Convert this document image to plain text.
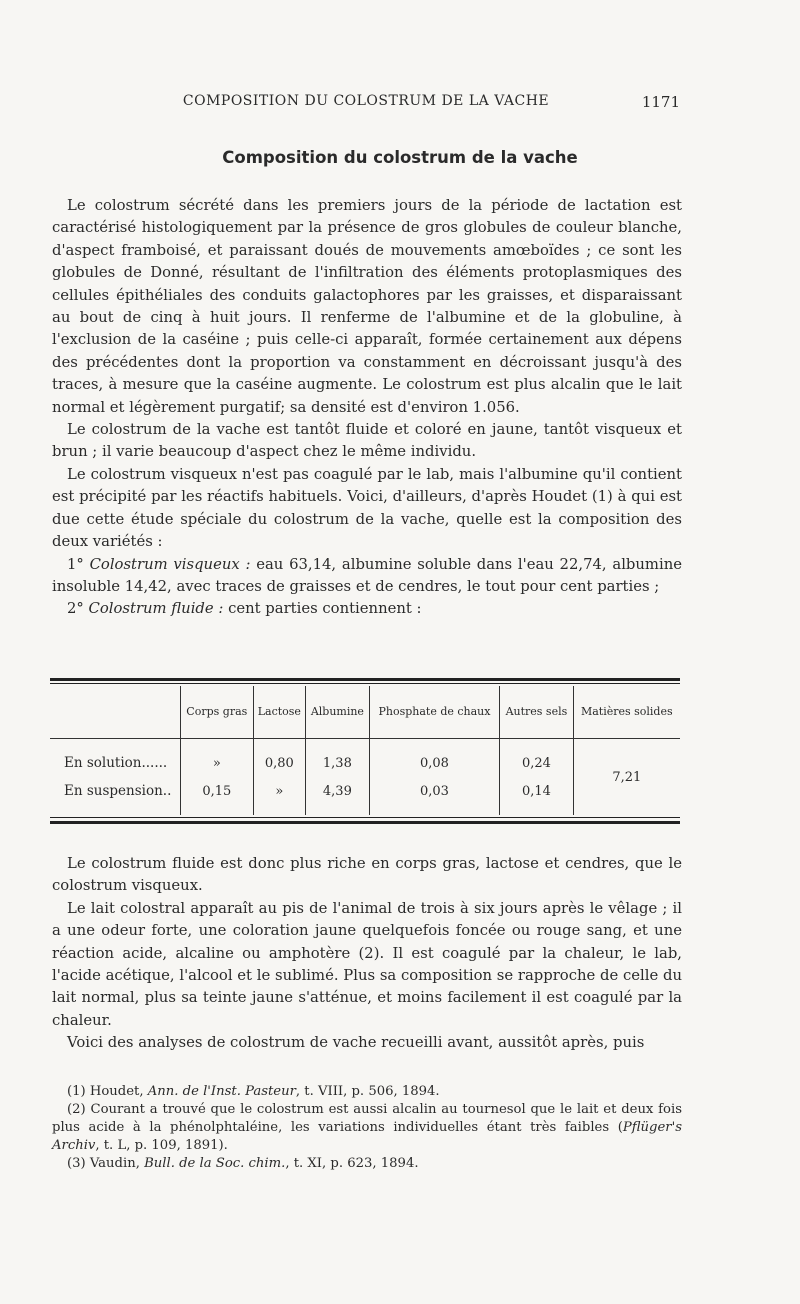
COMPOSITION DU COLOSTRUM DE LA VACHE	1171
Composition du colostrum de la vache

Le colostrum sécrété dans les premiers jours de la période de lactation est caractérisé histologiquement par la présence de gros globules de couleur blanche, d'aspect framboisé, et paraissant doués de mouvements amœboïdes ; ce sont les globules de Donné, résultant de l'infiltration des éléments protoplasmiques des cellules épithéliales des conduits galactophores par les graisses, et disparaissant au bout de cinq à huit jours. Il renferme de l'albumine et de la globuline, à l'exclusion de la caséine ; puis celle-ci apparaît, formée certainement aux dépens des précédentes dont la proportion va constamment en décroissant jusqu'à des traces, à mesure que la caséine augmente. Le colostrum est plus alcalin que le lait normal et légèrement purgatif; sa densité est d'environ 1.056.

Le colostrum de la vache est tantôt fluide et coloré en jaune, tantôt visqueux et brun ; il varie beaucoup d'aspect chez le même individu.

Le colostrum visqueux n'est pas coagulé par le lab, mais l'albumine qu'il contient est précipité par les réactifs habituels. Voici, d'ailleurs, d'après Houdet (1) à qui est due cette étude spéciale du colostrum de la vache, quelle est la composition des deux variétés :

1° Colostrum visqueux : eau 63,14, albumine soluble dans l'eau 22,74, albumine insoluble 14,42, avec traces de graisses et de cendres, le tout pour cent parties ;

2° Colostrum fluide : cent parties contiennent :

	Corps gras	Lactose	Albumine	Phosphate de chaux	Autres sels	Matières solides

En solution......	»	0,80	1,38	0,08	0,24	7,21
En suspension..	0,15	»	4,39	0,03	0,14	

Le colostrum fluide est donc plus riche en corps gras, lactose et cendres, que le colostrum visqueux.

Le lait colostral apparaît au pis de l'animal de trois à six jours après le vêlage ; il a une odeur forte, une coloration jaune quelquefois foncée ou rouge sang, et une réaction acide, alcaline ou amphotère (2). Il est coagulé par la chaleur, le lab, l'acide acétique, l'alcool et le sublimé. Plus sa composition se rapproche de celle du lait normal, plus sa teinte jaune s'atténue, et moins facilement il est coagulé par la chaleur.

Voici des analyses de colostrum de vache recueilli avant, aussitôt après, puis

(1) Houdet, Ann. de l'Inst. Pasteur, t. VIII, p. 506, 1894.

(2) Courant a trouvé que le colostrum est aussi alcalin au tournesol que le lait et deux fois plus acide à la phénolphtaléine, les variations individuelles étant très faibles (Pflüger's Archiv, t. L, p. 109, 1891).

(3) Vaudin, Bull. de la Soc. chim., t. XI, p. 623, 1894.
